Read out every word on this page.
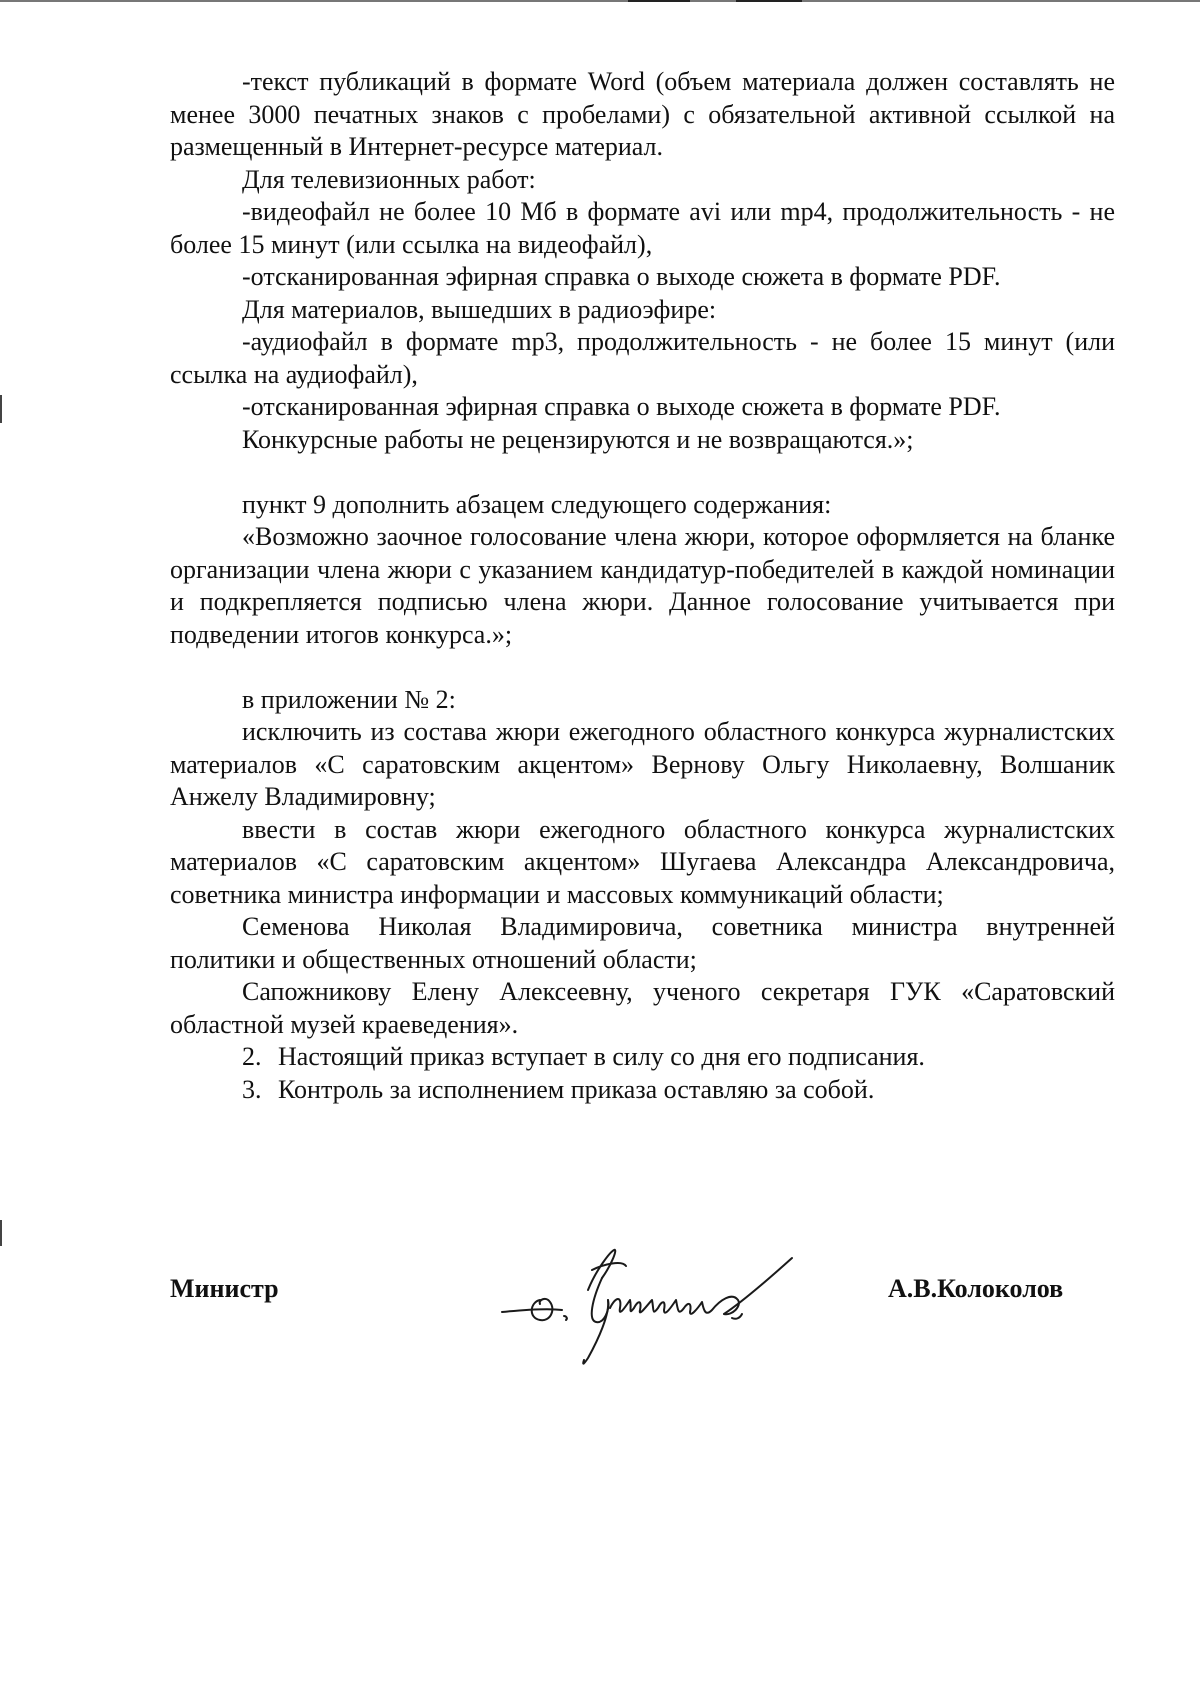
-текст публикаций в формате Word (объем материала должен составлять не менее 3000 печатных знаков с пробелами) с обязательной активной ссылкой на размещенный в Интернет-ресурсе материал.

Для телевизионных работ:

-видеофайл не более 10 Мб в формате avi или mp4, продолжительность - не более 15 минут (или ссылка на видеофайл),

-отсканированная эфирная справка о выходе сюжета в формате PDF.

Для материалов, вышедших в радиоэфире:

-аудиофайл в формате mp3, продолжительность - не более 15 минут (или ссылка на аудиофайл),

-отсканированная эфирная справка о выходе сюжета в формате PDF.

Конкурсные работы не рецензируются и не возвращаются.»;

пункт 9 дополнить абзацем следующего содержания:

«Возможно заочное голосование члена жюри, которое оформляется на бланке организации члена жюри с указанием кандидатур-победителей в каждой номинации и подкрепляется подписью члена жюри. Данное голосование учитывается при подведении итогов конкурса.»;

в приложении № 2:

исключить из состава жюри ежегодного областного конкурса журналистских материалов «С саратовским акцентом» Вернову Ольгу Николаевну, Волшаник Анжелу Владимировну;

ввести в состав жюри ежегодного областного конкурса журналистских материалов «С саратовским акцентом» Шугаева Александра Александровича, советника министра информации и массовых коммуникаций области;

Семенова Николая Владимировича, советника министра внутренней политики и общественных отношений области;

Сапожникову Елену Алексеевну, ученого секретаря ГУК «Саратовский областной музей краеведения».

2. Настоящий приказ вступает в силу со дня его подписания.

3. Контроль за исполнением приказа оставляю за собой.

Министр	А.В.Колоколов
